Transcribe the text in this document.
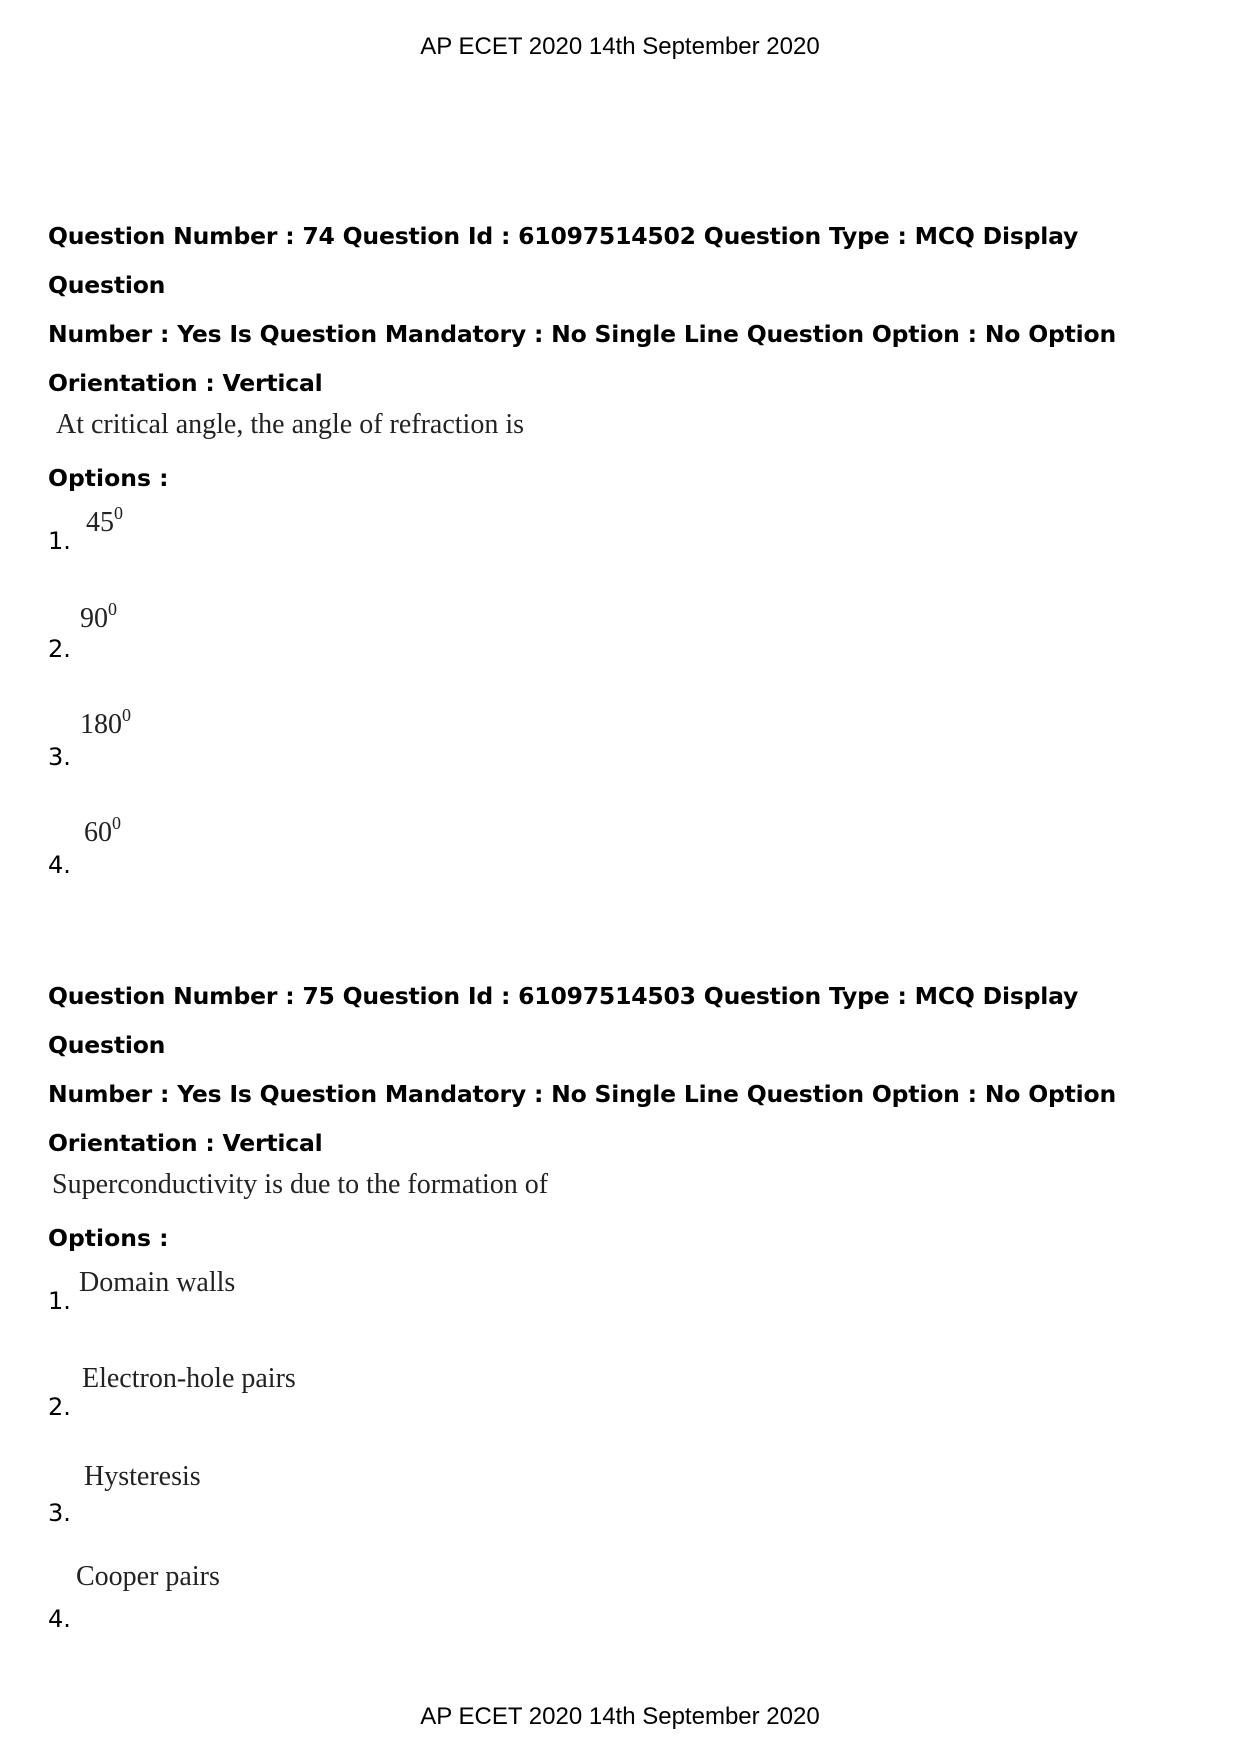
AP ECET 2020 14th September 2020
Question Number : 74 Question Id : 61097514502 Question Type : MCQ Display Question
Number : Yes Is Question Mandatory : No Single Line Question Option : No Option
Orientation : Vertical
At critical angle, the angle of refraction is
Options :
1.
$45^0$
2.
$90^0$
3.
$180^0$
4.
$60^0$
Question Number : 75 Question Id : 61097514503 Question Type : MCQ Display Question
Number : Yes Is Question Mandatory : No Single Line Question Option : No Option
Orientation : Vertical
Superconductivity is due to the formation of
Options :
1.
Domain walls
2.
Electron-hole pairs
3.
Hysteresis
4.
Cooper pairs
AP ECET 2020 14th September 2020
